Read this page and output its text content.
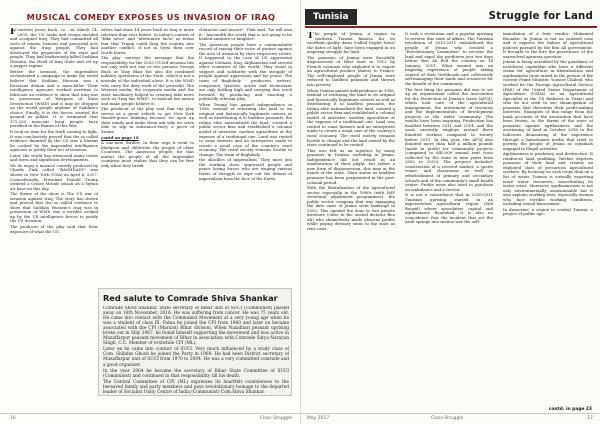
MUSICAL COMEDY EXPOSES US INVASION OF IRAQ

Fourteen years back, i.e., on March 14, 2003, the US tanks and troops invaded and occupied Iraq. They had committed all sorts of crimes, heinous and genocidal acts against the Iraqi people. They had destroyed the properties of the state and people. They had barbarously killed Saddam Hussein, the Head of Iraq State and set up a puppet regime.

Before the invasion, the imperialists orchestrated a campaign to make the world believe that Saddam Hussein was a ferocious demon and a mass-killer. Their intelligence agencies worked overtime to fabricate an evidence to show that Iraq was in possession of Weapons of Mass Destruction (WMD) and it may be dropped on the world people anytime of Saddam's choice. Finally, it is the forces created the ground as pillars. It is estimated that 172,253 innocent Iraqi people have perished in the flames of this War.

It took no time for the truth coming to light. It was conclusively proved that the so called evidence flaunted by the US was a blatant lie cooked by the imperialist intelligence agencies to justify their act of invasion.

Later, the world has witnessed many twists and turns and significant developments.

We do enjoy a musical comedy produced by Charlie Fink called "BAGHDADY" was shown in New York (USA) on April 6, 2017. Coincidentally, President Donald Trump ordered a Cruise Missile attack on a Syrian air base on this day.

The theme of the show is The US war of invasion against Iraq. The story has shown and proved that the so called evidence to show that Saddam Hussein's Iraq was in possession of WMD was a terrible cooked up by the US intelligence forces to justify the US invasion.

The producer of the play said that their exposure of what the US

rulers had done 14 years back in Iraq is more relevant than ever before. In today's context of "fake news" and "alternative facts" as terms fear that Trump could drag the country into another conflict, if not in Syria then over North Korea.

The play conveys the message that the responsibility for the 2003 US led invasion lies not only with not one or two persons George Bush or Tony Blair but also the combined military operations of the State, which is not a mistake of the individual alone. It is the WMD who carry the dirty work of the powerful. The Western media, the corporate media and the state machinery helped in creating fake news such as "Iraq has WMD", to mislead the nation and make people believe it.

The producer of the play said that the play serves as a great vehicle to get New York theatre-goers thinking because we open up their minds and make them ask why we were able to slip in substance-story, a piece of drama,

contd on page 18

A one-note thriller: In their urge it went to bludgeon and obliterate the people of other Countries. The American people, for that matter the people of all the imperialist countries must realize that they can be free only when they break

character and sincere". Fink said, "he will own it." Awoundth the world that is not going to be healed antinare or laughter".

The American people have a commendable record of raising their voice of protest against the acts of invasion by their respective rulers. It happened in the case of US aggression against Vietnam, Iraq, Afghanistan and several other countries of the world. They stood in support and solidarity with the struggle of people against aggression and for peace. The team of Baghdady - producers, writers, composers, lyricists, actors and technicians are only holding high and carrying this torch forward by producing and enacting a politically relevant play.

When Trump has gained independence in 1956, instead of returning the land to its original and historically legitimate owners as well as distributing it to landless peasants, the ruling elite nationalized the land, created a public sector firm and established a colonial model of intensive, modern agriculture at the expense of a traditional one. Land was rented to some farmers and an enterprises made to create a usual case of the country's rural economy. The rural society remains hostile to change. The team of Baghdady.

the shackles of imperialism. They must join the working class, oppressed people and peace loving forces who are waging various forms of struggle to wipe out the demon of imperialism from the face of the Earth.

Red salute to Comrade Shiva Shankar

Comrade Shiva Shankar, State secretary of Bihar unit of SUCI (Communist) passed away on 16th November, 2016. He was suffering from cancer. He was 75 years old. He came into contact with the Communist Movement at a very young age when he was a student of class IX. Patna he joined the CPI from 1960 and later on became associated with the CPI (Marxist) Bihar division. When Naxalbari peasant uprising broke out in May 1967, he found himself supporting the movement and was active in Muzaffarpur peasant movement of Bihar in association with Comrade Satya Narayan Singh, C.C. Member of erstwhile CPI (ML).

Later on he came into contact of SUCI. Very much influenced by a study class of Com. Shibdas Ghosh he joined the Party in 1969. He had been District secretary of Muzaffarpur unit of SUCI from 1970 to 2004. He was a very committed comrade and a good organizer.

In the year 2004 he became the secretary of Bihar State Committee of SUCI (Communist) and continued in that responsibility till his death.

The Central Committee of CPI (ML) expresses its heartfelt condolences to the bereaved family and party members and pays revolutionary homage to the departed leader of Socialist Unity Centre of India (Communist) Com.Shiva Shankar.

16	Class Struggle
Tunisia	Struggle for Land

The people of Jemna, a region in southern Tunisia famous for its excellent quality dates (called Deglet Nour) the dates of light, have been engaged in an inspiring struggle for land.

The peasants of Jemna were forcefully dispossessed of their land in 1912 by French colonists who exploited it to export an agricultural product (dates) to France. The self-employed people of Jemna were reduced to landless peasants and thrown into poverty.

When Tunisia gained independence in 1956, instead of returning the land to its original and historically legitimate owners as well as distributing it to landless peasants, the ruling elite nationalized the land, created a public sector firm and established a colonial model of intensive, modern agriculture at the expense of a traditional one. Land was rented to some farmers and an enterprises made to create a usual case of the country's rural economy. The rural society remains hostile to change and the land owned by the state continued to be rented.

This was felt as an injustice by many peasants in Tunisia, including in Jemna. Independence did not result in an amelioration of their plight, but rather a new form of dispossession, this time at the hands of the state. Their status as landless peasants has been perpetuated in the post-colonial period.

With the liberalization of the agricultural sector, especially in the 1980s (with IMF structural adjustment programmes), the public sector company that was managing the date oasis of Jemna went bankrupt in 2002. This opened the door to two private investors (close to the ousted dictator Ben Ali) who shamelessly made obscene profits while paying derisory sums to the state as rent costs.

It took a revolution and a popular uprising to reverse this state of affairs. The Tunisian revolution of 2010-2011 emboldened the people of Jemna who created a "Revolutionary Committee" to recover the land and expel the profiteers just two days before Ben Ali fled the country on 14 January, 2011. What ensued was an inspiring experience of people taking control of their livelihoods and collectively self-managing their lands and resources for the benefit of the community.

The first thing the peasants did was to set up an organization called the Association for the Protection of Jemna's Oasis (APOJ), which took care of the agricultural management, the investment of revenues and the implementation of development projects in the wider community. The results have been inspiring. Production has doubled between 2011 and 2014, and the oasis currently employs around three hundred workers compared to twenty before 2011. In this year, the APOJ also donated more than half a million pounds (made in profit) for community projects (compared to 640,000 annual rent costs collected by the state in nine years from 2002 to 2010). The projects included: construction of a covered market, a sports venue, and classrooms as well as refurbishment of primary and secondary schools and of the community's small health centre. Profits were also used to purchase an ambulance and a tractor.

It is not a coincidence that in 2010-2011 Tunisian uprising started in an impoverished agricultural region (Sidi Bouzid) where speculative capital and agribusiness flourished. It is also no coincidence that the incident that set the Arab springs into motion was the self-

immolation of a fruit vendor: Mohamed Bouazizi. In Jemna is not an isolated case and it exposes the failure of agricultural policies pursued by the Ben Ali government. It brought to the fore the persistence of the unresolved agrarian question.

Jemna is being assaulted by the guardians of neoliberal capitalism who have a different vision for agriculture in liberalization and agribusiness (now raised in the person of the current Prime Minister, Youssef Chahed, who worked for the Foreign Agricultural Service (FAS) of the United States Department of Agriculture (USDA) as an Agricultural Specialist at the US Embassy in Tunis) and who do not wish to see emancipation of peasants that threatens their profit-making interests. Examples of this range from the bank accounts of the association that have been frozen, to the threat of the wave of peasants against agribusiness and the auctioning of land in October 2016 to the ludicrous demonizing of the experience through a harassment media that tried to portray the people of Jemna as criminals engaged in illegal activities.

Agribusiness is predatory and destructive. It reinforces land grabbing, further deprives peasants of their land and creates an exploited class of precarious agricultural workers. By focusing on cash crops than on a list of water, Tunisia is virtually exporting more water resources, exacerbating its water crisis. Moreover, agribusinesses is not only environmentally unsustainable but it also exploits working lives, especially women who face terrible working conditions, including sexual harassment.

In Kasserine, a region in central Tunisia, a project of public agr...

contd. in page 23
May 2017	Class Struggle	17
